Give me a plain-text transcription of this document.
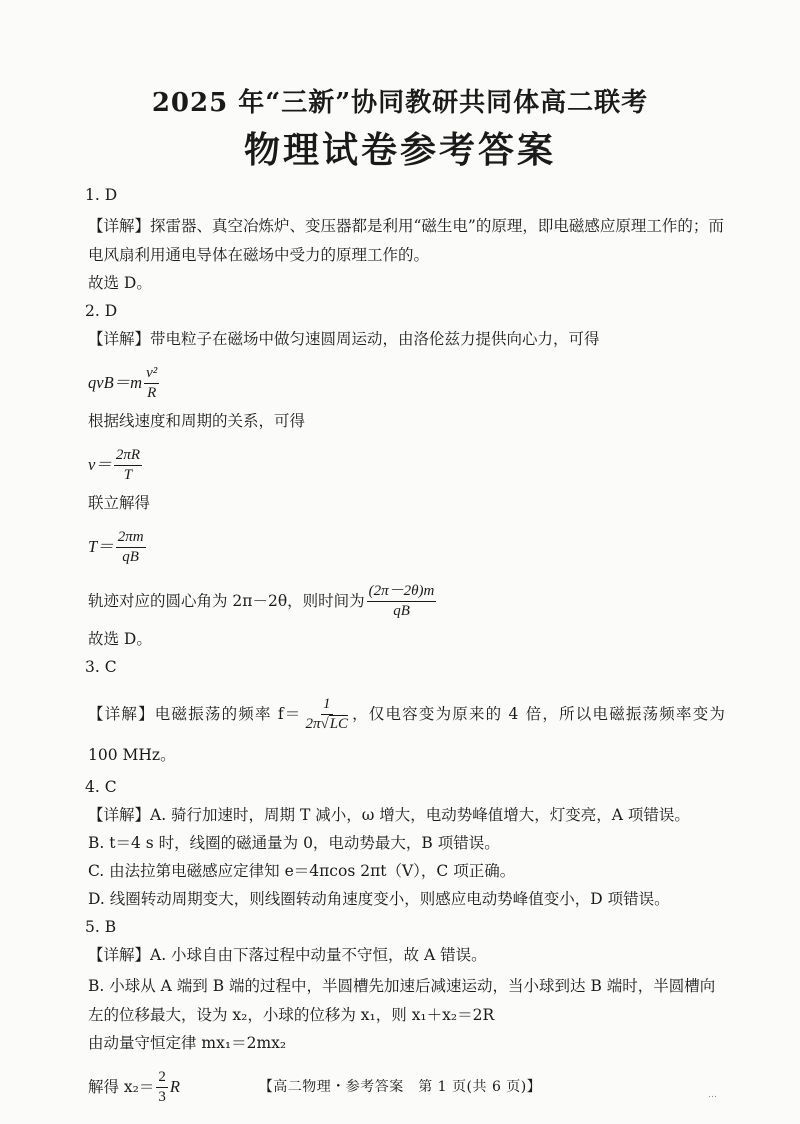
2025 年“三新”协同教研共同体高二联考
物理试卷参考答案
1. D
【详解】探雷器、真空冶炼炉、变压器都是利用“磁生电”的原理，即电磁感应原理工作的；而电风扇利用通电导体在磁场中受力的原理工作的。
故选 D。
2. D
【详解】带电粒子在磁场中做匀速圆周运动，由洛伦兹力提供向心力，可得
$qvB=m \frac{\text{v²}}{R}$
根据线速度和周期的关系，可得
$v= \frac{2\pi R}{T}$
联立解得
$T= \frac{2\pi m}{qB}$
轨迹对应的圆心角为 2π－2θ，则时间为 $\frac{(2\pi-2\theta)m}{qB}$
故选 D。
3. C
【详解】电磁振荡的频率 $f= \frac{1}{2\pi√LC}$ ，仅电容变为原来的 4 倍，所以电磁振荡频率变为
100 MHz。
4. C
【详解】A. 骑行加速时，周期 T 减小，ω 增大，电动势峰值增大，灯变亮，A 项错误。
B. t＝4 s 时，线圈的磁通量为 0，电动势最大，B 项错误。
C. 由法拉第电磁感应定律知 e＝4πcos 2πt（V），C 项正确。
D. 线圈转动周期变大，则线圈转动角速度变小，则感应电动势峰值变小，D 项错误。
5. B
【详解】A. 小球自由下落过程中动量不守恒，故 A 错误。
B. 小球从 A 端到 B 端的过程中，半圆槽先加速后减速运动，当小球到达 B 端时，半圆槽向左的位移最大，设为 x₂，小球的位移为 x₁，则 x₁＋x₂＝2R
由动量守恒定律 mx₁＝2mx₂
解得 $x_2= \frac{2}{3}$ R	【高二物理・参考答案　第 1 页(共 6 页)】	…
